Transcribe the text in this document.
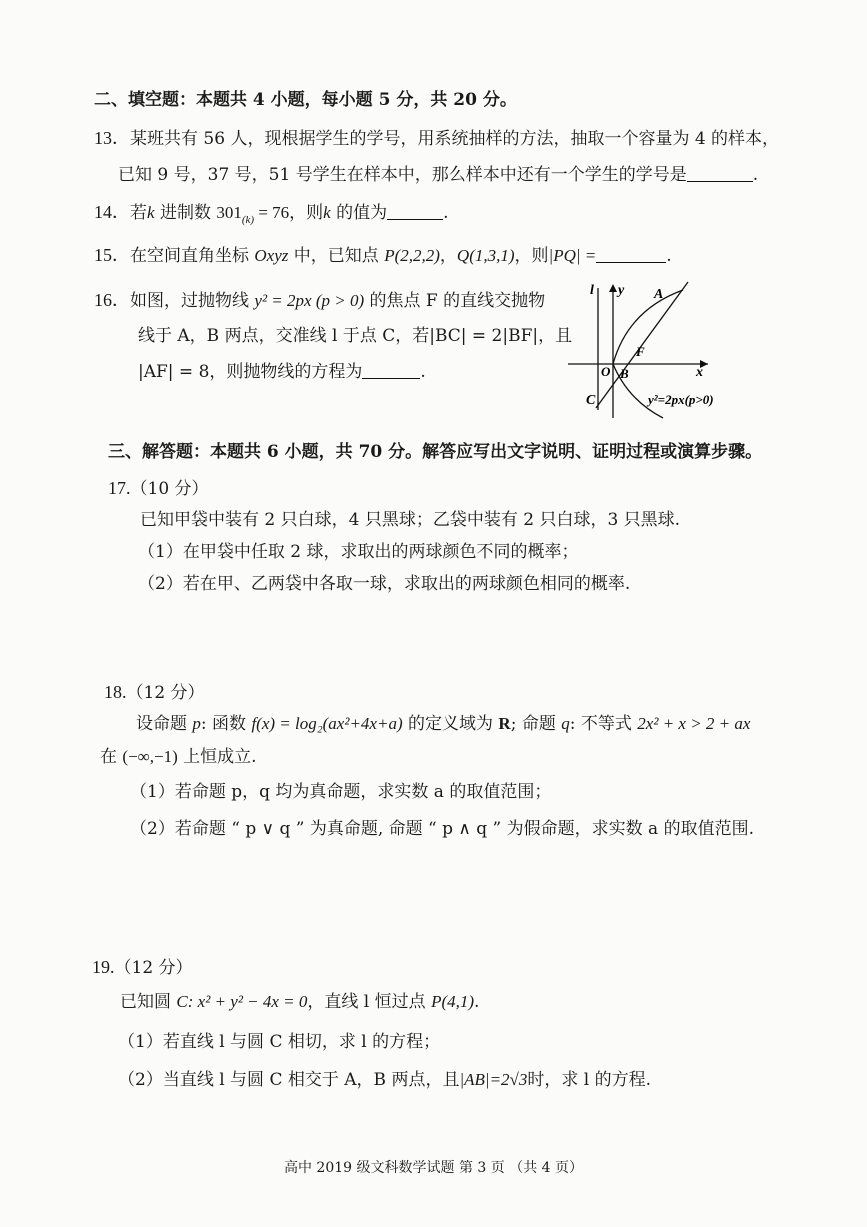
二、填空题：本题共 4 小题，每小题 5 分，共 20 分。
13．某班共有 56 人，现根据学生的学号，用系统抽样的方法，抽取一个容量为 4 的样本，
已知 9 号，37 号，51 号学生在样本中，那么样本中还有一个学生的学号是	.
14．若k 进制数 $301_{(k)} = 76$，则k 的值为	.
15．在空间直角坐标 Oxyz 中，已知点 P(2,2,2)，Q(1,3,1)，则|PQ| =	.
16．如图，过抛物线 y² = 2px (p > 0) 的焦点 F 的直线交抛物
线于 A，B 两点，交准线 l 于点 C，若|BC| = 2|BF|，且
|AF| = 8，则抛物线的方程为	.
l y A
F
O B	x
C	y²=2px(p>0)
三、解答题：本题共 6 小题，共 70 分。解答应写出文字说明、证明过程或演算步骤。
17.（10 分）
已知甲袋中装有 2 只白球，4 只黑球；乙袋中装有 2 只白球，3 只黑球.
（1）在甲袋中任取 2 球，求取出的两球颜色不同的概率；
（2）若在甲、乙两袋中各取一球，求取出的两球颜色相同的概率.
18.（12 分）
设命题 p: 函数 f(x) = log₂(ax²+4x+a) 的定义域为 R; 命题 q: 不等式 2x² + x > 2 + ax
在 (−∞,−1) 上恒成立.
（1）若命题 p，q 均为真命题，求实数 a 的取值范围；
（2）若命题 “ p ∨ q ” 为真命题, 命题 “ p ∧ q ” 为假命题，求实数 a 的取值范围.
19.（12 分）
已知圆 C: x² + y² − 4x = 0，直线 l 恒过点 P(4,1).
（1）若直线 l 与圆 C 相切，求 l 的方程；
（2）当直线 l 与圆 C 相交于 A，B 两点，且|AB|=2√3时，求 l 的方程.
高中 2019 级文科数学试题 第 3 页 （共 4 页）
